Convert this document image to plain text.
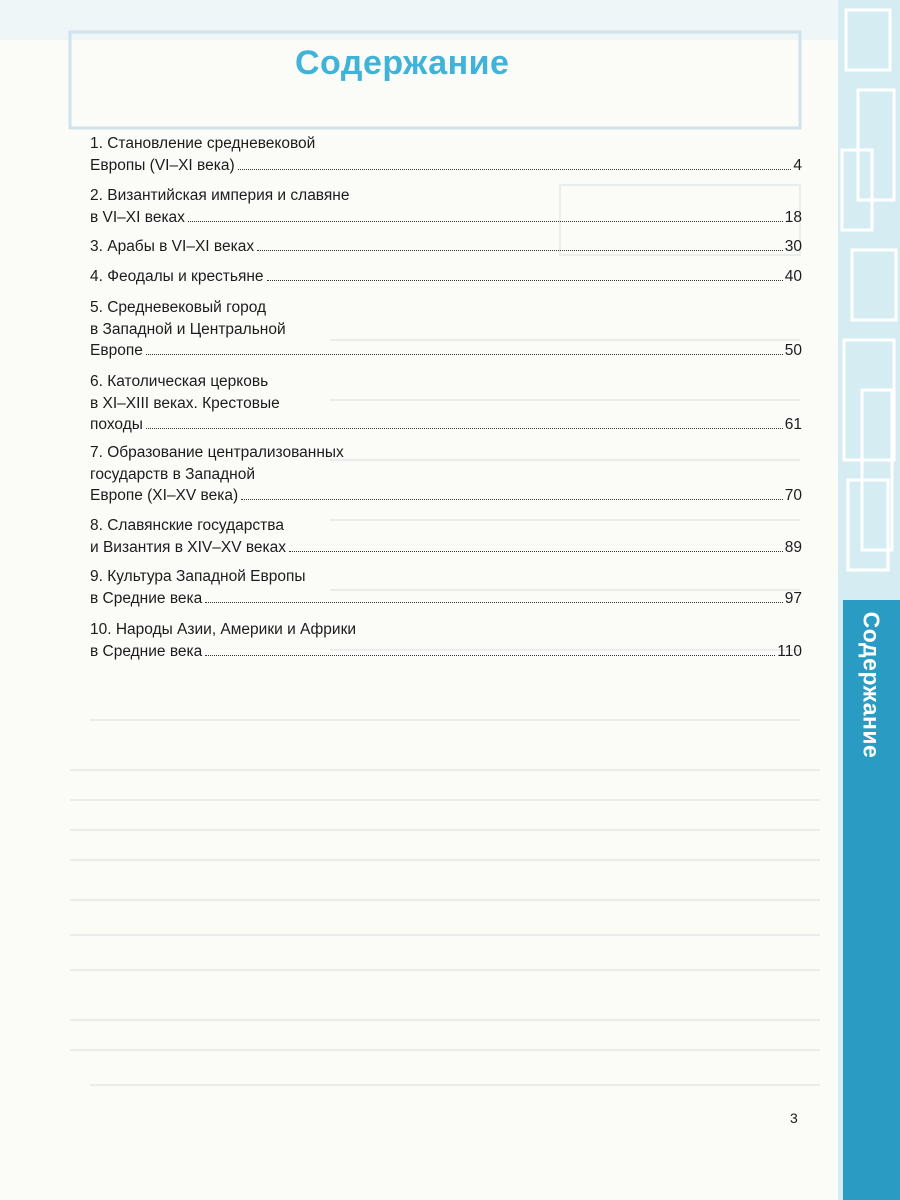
Содержание
Содержание
1. Становление средневековой
Европы (VI–XI века)	4
2. Византийская империя и славяне
в VI–XI веках	18
3. Арабы в VI–XI веках	30
4. Феодалы и крестьяне	40
5. Средневековый город
в Западной и Центральной
Европе	50
6. Католическая церковь
в XI–XIII веках. Крестовые
походы	61
7. Образование централизованных
государств в Западной
Европе (XI–XV века)	70
8. Славянские государства
и Византия в XIV–XV веках	89
9. Культура Западной Европы
в Средние века	97
10. Народы Азии, Америки и Африки
в Средние века	110
3
